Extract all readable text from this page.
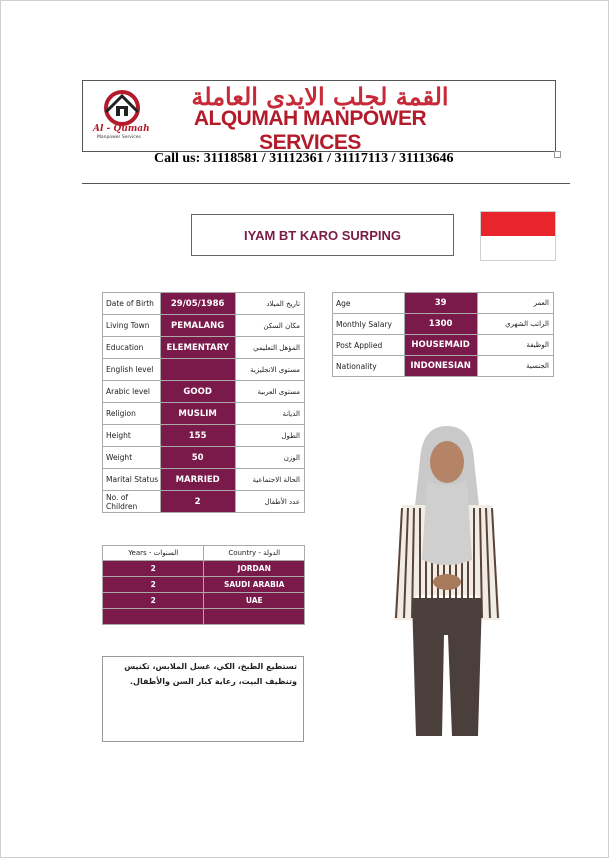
Al - Qumah
Manpower Services
القمة لجلب الايدى العاملة
ALQUMAH MANPOWER SERVICES
Call us: 31118581 / 31112361 / 31117113 / 31113646
IYAM BT KARO SURPING
Date of Birth	29/05/1986	تاريخ الميلاد
Living Town	PEMALANG	مكان السكن
Education	ELEMENTARY	المؤهل التعليمي
English level		مستوى الانجليزية
Arabic level	GOOD	مستوى العربية
Religion	MUSLIM	الديانة
Height	155	الطول
Weight	50	الوزن
Marital Status	MARRIED	الحالة الاجتماعية
No. of Children	2	عدد الأطفال
Age	39	العمر
Monthly Salary	1300	الراتب الشهري
Post Applied	HOUSEMAID	الوظيفة
Nationality	INDONESIAN	الجنسية
Years - السنوات	Country - الدولة
2	JORDAN
2	SAUDI ARABIA
2	UAE

تستطيع الطبخ، الكي، غسل الملابس، تكنيس وتنظيف البيت، رعاية كبار السن والأطفال.
